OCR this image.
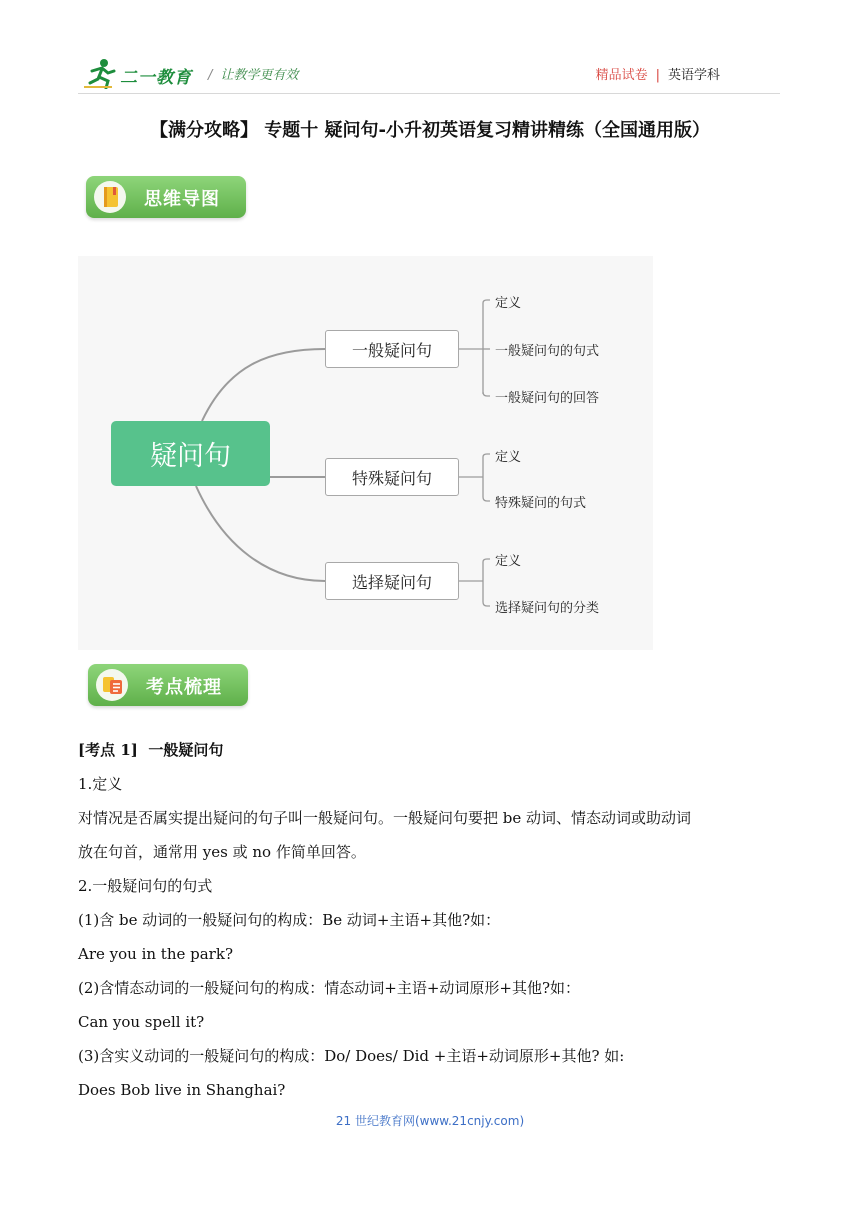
二一教育 / 让教学更有效	精品试卷 | 英语学科
【满分攻略】 专题十 疑问句-小升初英语复习精讲精练（全国通用版）
思维导图
疑问句
一般疑问句
特殊疑问句
选择疑问句
定义
一般疑问句的句式
一般疑问句的回答
定义
特殊疑问的句式
定义
选择疑问句的分类
考点梳理

[考点 1] 一般疑问句

1.定义

对情况是否属实提出疑问的句子叫一般疑问句。一般疑问句要把 be 动词、情态动词或助动词

放在句首，通常用 yes 或 no 作简单回答。

2.一般疑问句的句式

(1)含 be 动词的一般疑问句的构成：Be 动词+主语+其他?如：

Are you in the park?

(2)含情态动词的一般疑问句的构成：情态动词+主语+动词原形+其他?如：

Can you spell it?

(3)含实义动词的一般疑问句的构成：Do/ Does/ Did +主语+动词原形+其他? 如:

Does Bob live in Shanghai?

21 世纪教育网(www.21cnjy.com)
